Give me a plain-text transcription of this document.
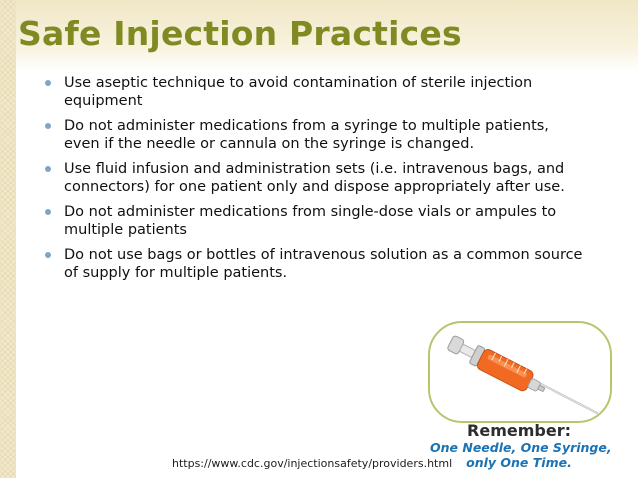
Safe Injection Practices
Use aseptic technique to avoid contamination of sterile injection equipment
Do not administer medications from a syringe to multiple patients, even if the needle or cannula on the syringe is changed.
Use fluid infusion and administration sets (i.e. intravenous bags, and connectors) for one patient only and dispose appropriately after use.
Do not administer medications from single-dose vials or ampules to multiple patients
Do not use bags or bottles of intravenous solution as a common source of supply for multiple patients.
Remember:
One Needle, One Syringe,
only One Time.
https://www.cdc.gov/injectionsafety/providers.html
